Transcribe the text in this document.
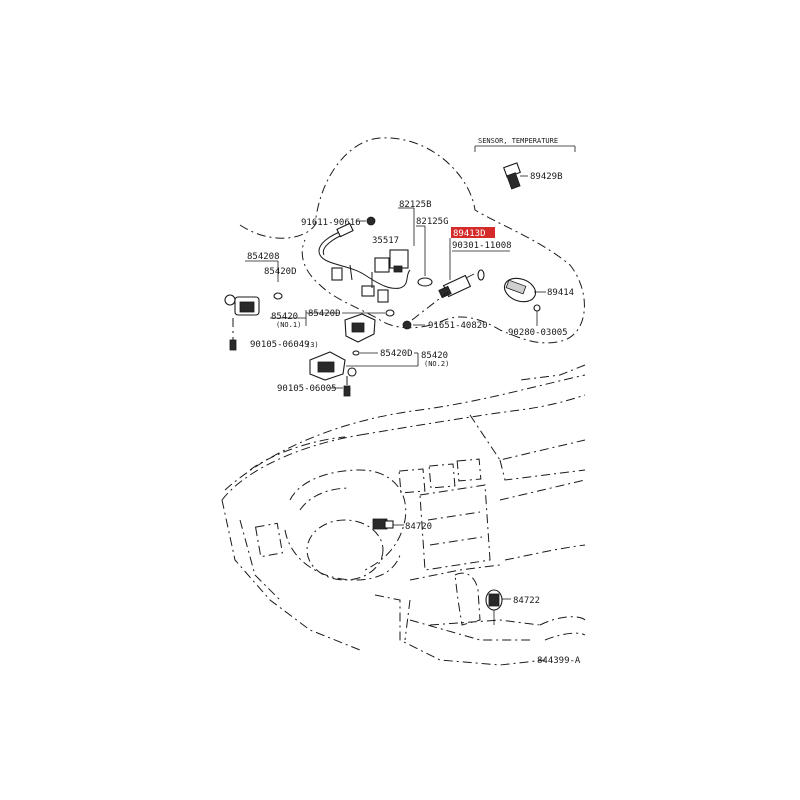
SENSOR, TEMPERATURE
89429B
91611-90616
35517
82125B
82125G
89413D
90301-11008
89414
90280-03005
91651-40820
854208
85420D
90105-06049
(3)
85420
(NO.1)
85420D
85420D 85420
(NO.2)
90105-06005
84720
84722
844399-A
